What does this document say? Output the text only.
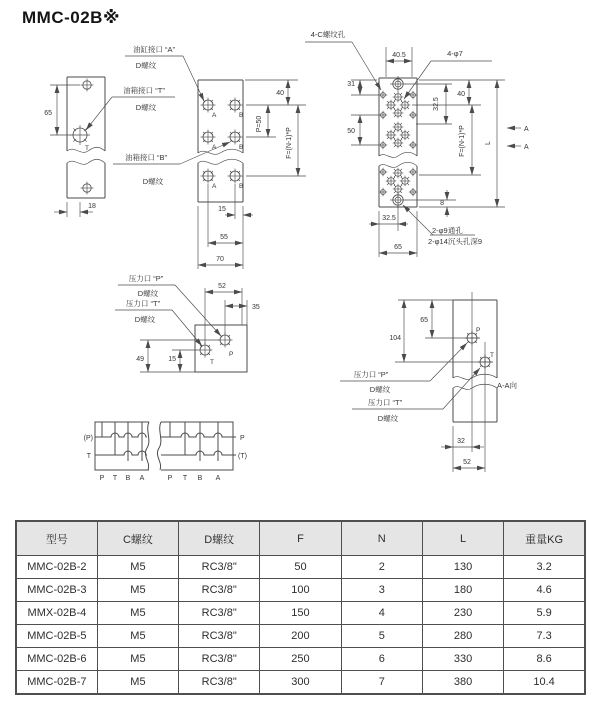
MMC-02B※
T
65
18
A	B
A	B
A	B
油缸接口 “A”
D螺纹
油箱接口 “T”
D螺纹
油箱接口 “B”
D螺纹
40
P=50
F=(N-1)*P
15
55
70
40.5
4-C螺纹孔
4-φ7
31
50
32.5
40
F=(N-1)*P	L
A
A
8
2-φ9通孔
2-φ14沉头孔深9
32.5
65
P
T
52
35
49	15
压力口 “P”
D螺纹
压力口 “T”
D螺纹
P
T
65
104
压力口 “P”
D螺纹
压力口 “T”
D螺纹
A-A向
32
52
(P)
T
P
(T)
P T B A	P T B A
型号	C螺纹	D螺纹	F	N	L	重量KG
MMC-02B-2	M5	RC3/8"	50	2	130	3.2
MMC-02B-3	M5	RC3/8"	100	3	180	4.6
MMX-02B-4	M5	RC3/8"	150	4	230	5.9
MMC-02B-5	M5	RC3/8"	200	5	280	7.3
MMC-02B-6	M5	RC3/8"	250	6	330	8.6
MMC-02B-7	M5	RC3/8"	300	7	380	10.4
